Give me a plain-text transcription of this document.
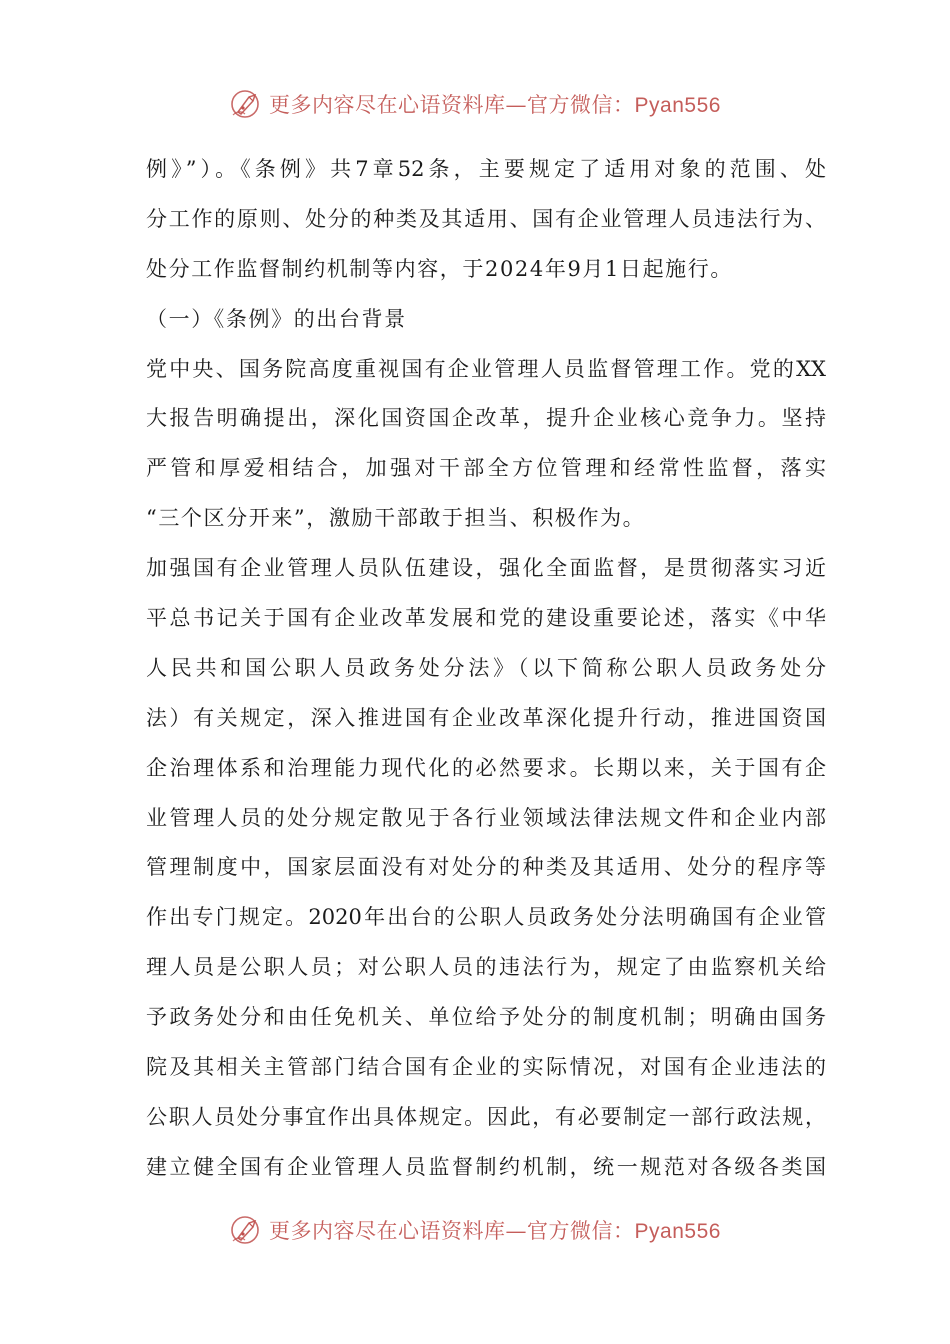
更多内容尽在心语资料库—官方微信：Pyan556
例》”）。《条例》共7章52条，主要规定了适用对象的范围、处
分工作的原则、处分的种类及其适用、国有企业管理人员违法行为、
处分工作监督制约机制等内容，于2024年9月1日起施行。
（一）《条例》的出台背景
党中央、国务院高度重视国有企业管理人员监督管理工作。党的XX
大报告明确提出，深化国资国企改革，提升企业核心竞争力。坚持
严管和厚爱相结合，加强对干部全方位管理和经常性监督，落实
“三个区分开来”，激励干部敢于担当、积极作为。
加强国有企业管理人员队伍建设，强化全面监督，是贯彻落实习近
平总书记关于国有企业改革发展和党的建设重要论述，落实《中华
人民共和国公职人员政务处分法》（以下简称公职人员政务处分
法）有关规定，深入推进国有企业改革深化提升行动，推进国资国
企治理体系和治理能力现代化的必然要求。长期以来，关于国有企
业管理人员的处分规定散见于各行业领域法律法规文件和企业内部
管理制度中，国家层面没有对处分的种类及其适用、处分的程序等
作出专门规定。2020年出台的公职人员政务处分法明确国有企业管
理人员是公职人员；对公职人员的违法行为，规定了由监察机关给
予政务处分和由任免机关、单位给予处分的制度机制；明确由国务
院及其相关主管部门结合国有企业的实际情况，对国有企业违法的
公职人员处分事宜作出具体规定。因此，有必要制定一部行政法规，
建立健全国有企业管理人员监督制约机制，统一规范对各级各类国
更多内容尽在心语资料库—官方微信：Pyan556
